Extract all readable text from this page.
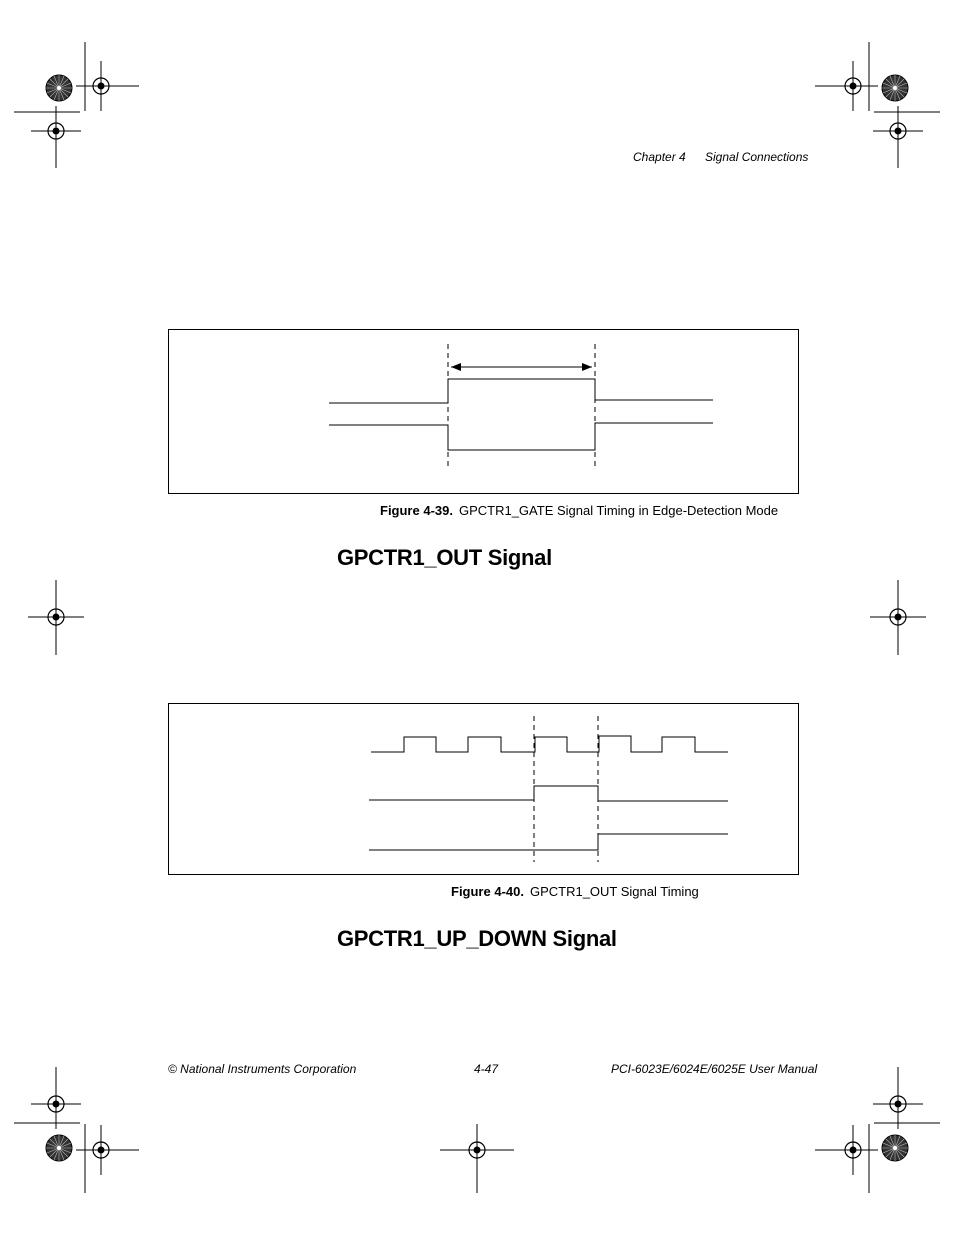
Chapter 4 Signal Connections
Figure 4-39. GPCTR1_GATE Signal Timing in Edge-Detection Mode
GPCTR1_OUT Signal
Figure 4-40. GPCTR1_OUT Signal Timing
GPCTR1_UP_DOWN Signal
© National Instruments Corporation	4-47	PCI-6023E/6024E/6025E User Manual
